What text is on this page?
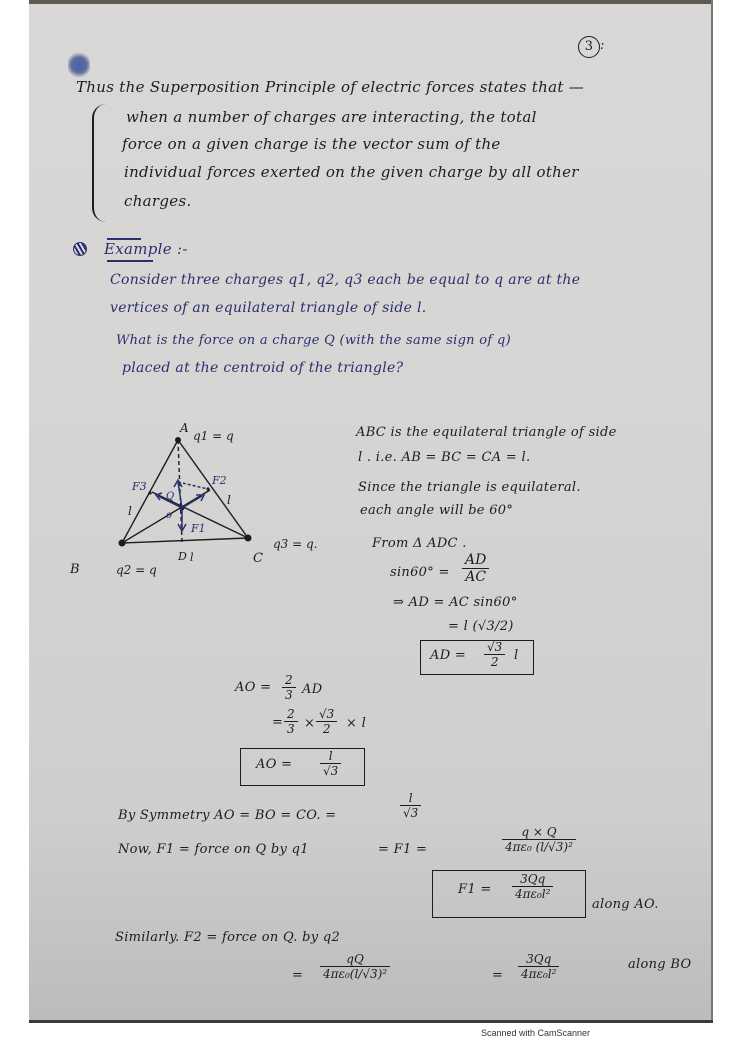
3 :
Thus the Superposition Principle of electric forces states that —
when a number of charges are interacting, the total
force on a given charge is the vector sum of the
individual forces exerted on the given charge by all other
charges.
Example :-
Consider three charges q1, q2, q3 each be equal to q are at the
vertices of an equilateral triangle of side l.
What is the force on a charge Q (with the same sign of q)
placed at the centroid of the triangle?
A
q1 = q
F3	F2
Q
o
F1
l
l
D l	C
q3 = q.
B	q2 = q
ABC is the equilateral triangle of side
l . i.e. AB = BC = CA = l.
Since the triangle is equilateral.
each angle will be 60°
From Δ ADC .
$\sin 60^\circ = \frac{AD}{AC}$
⇒ AD = AC sin60°
= l (√3/2)
AD = $\frac{√3}{2}$ l
AO = $\frac{2}{3}$ AD
= $\frac{2}{3} \times \frac{√3}{2} \times l$
AO = $\frac{l}{√3}$
By Symmetry AO = BO = CO. =	$\frac{l}{√3}$
Now, F1 = force on Q by q1	= F1 =	$\frac{q \times Q}{\text{4πε₀ (l/√3)²}}$
$F1 = \frac{3Qq}{\text{4πε₀l²}}$
along AO.
Similarly. F2 = force on Q. by q2
= $\frac{qQ}{\text{4πε₀(l/√3)²}}$	= $\frac{3Qq}{\text{4πε₀l²}}$	along BO
Scanned with CamScanner
